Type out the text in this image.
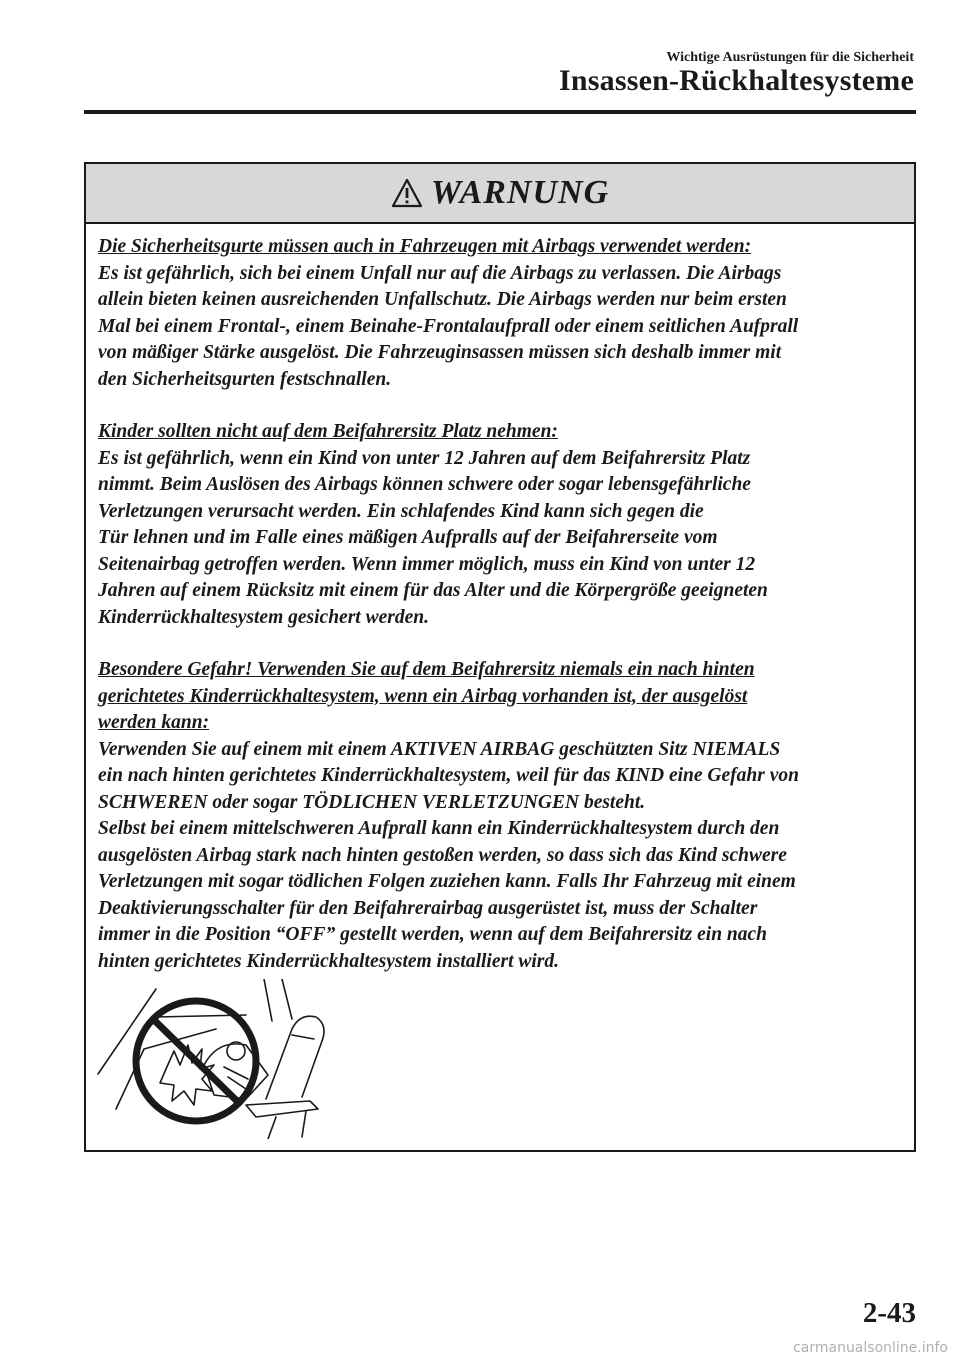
Wichtige Ausrüstungen für die Sicherheit
Insassen-Rückhaltesysteme
WARNUNG
Die Sicherheitsgurte müssen auch in Fahrzeugen mit Airbags verwendet werden:
Es ist gefährlich, sich bei einem Unfall nur auf die Airbags zu verlassen. Die Airbags
allein bieten keinen ausreichenden Unfallschutz. Die Airbags werden nur beim ersten
Mal bei einem Frontal-, einem Beinahe-Frontalaufprall oder einem seitlichen Aufprall
von mäßiger Stärke ausgelöst. Die Fahrzeuginsassen müssen sich deshalb immer mit
den Sicherheitsgurten festschnallen.
Kinder sollten nicht auf dem Beifahrersitz Platz nehmen:
Es ist gefährlich, wenn ein Kind von unter 12 Jahren auf dem Beifahrersitz Platz
nimmt. Beim Auslösen des Airbags können schwere oder sogar lebensgefährliche
Verletzungen verursacht werden. Ein schlafendes Kind kann sich gegen die
Tür lehnen und im Falle eines mäßigen Aufpralls auf der Beifahrerseite vom
Seitenairbag getroffen werden. Wenn immer möglich, muss ein Kind von unter 12
Jahren auf einem Rücksitz mit einem für das Alter und die Körpergröße geeigneten
Kinderrückhaltesystem gesichert werden.
Besondere Gefahr! Verwenden Sie auf dem Beifahrersitz niemals ein nach hinten
gerichtetes Kinderrückhaltesystem, wenn ein Airbag vorhanden ist, der ausgelöst
werden kann:
Verwenden Sie auf einem mit einem AKTIVEN AIRBAG geschützten Sitz NIEMALS
ein nach hinten gerichtetes Kinderrückhaltesystem, weil für das KIND eine Gefahr von
SCHWEREN oder sogar TÖDLICHEN VERLETZUNGEN besteht.
Selbst bei einem mittelschweren Aufprall kann ein Kinderrückhaltesystem durch den
ausgelösten Airbag stark nach hinten gestoßen werden, so dass sich das Kind schwere
Verletzungen mit sogar tödlichen Folgen zuziehen kann. Falls Ihr Fahrzeug mit einem
Deaktivierungsschalter für den Beifahrerairbag ausgerüstet ist, muss der Schalter
immer in die Position “OFF” gestellt werden, wenn auf dem Beifahrersitz ein nach
hinten gerichtetes Kinderrückhaltesystem installiert wird.
2-43
carmanualsonline.info
